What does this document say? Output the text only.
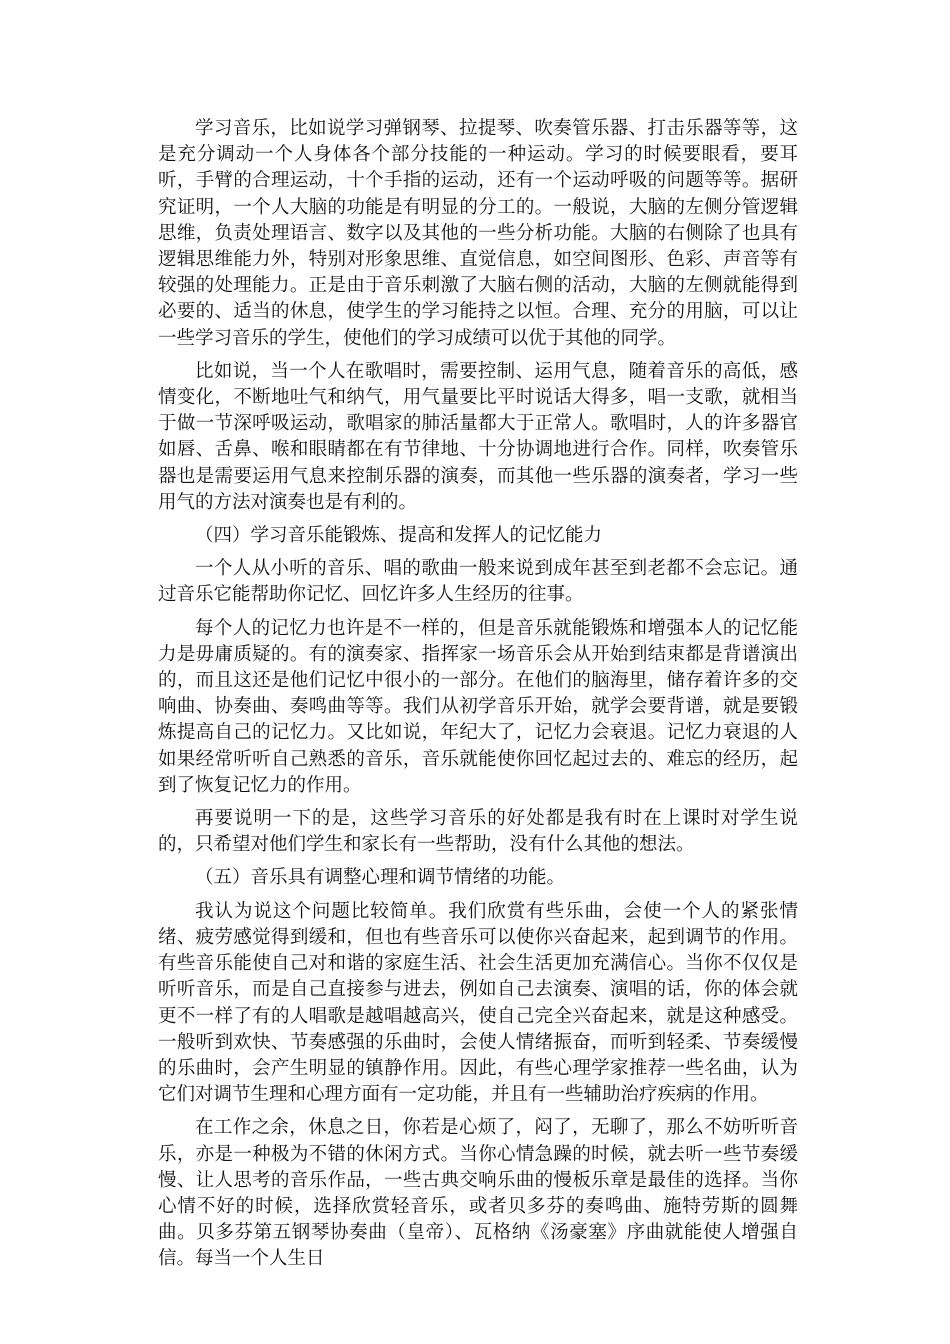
学习音乐，比如说学习弹钢琴、拉提琴、吹奏管乐器、打击乐器等等，这是充分调动一个人身体各个部分技能的一种运动。学习的时候要眼看，要耳听，手臂的合理运动，十个手指的运动，还有一个运动呼吸的问题等等。据研究证明，一个人大脑的功能是有明显的分工的。一般说，大脑的左侧分管逻辑思维，负责处理语言、数字以及其他的一些分析功能。大脑的右侧除了也具有逻辑思维能力外，特别对形象思维、直觉信息，如空间图形、色彩、声音等有较强的处理能力。正是由于音乐刺激了大脑右侧的活动，大脑的左侧就能得到必要的、适当的休息，使学生的学习能持之以恒。合理、充分的用脑，可以让一些学习音乐的学生，使他们的学习成绩可以优于其他的同学。

比如说，当一个人在歌唱时，需要控制、运用气息，随着音乐的高低，感情变化，不断地吐气和纳气，用气量要比平时说话大得多，唱一支歌，就相当于做一节深呼吸运动，歌唱家的肺活量都大于正常人。歌唱时，人的许多器官如唇、舌鼻、喉和眼睛都在有节律地、十分协调地进行合作。同样，吹奏管乐器也是需要运用气息来控制乐器的演奏，而其他一些乐器的演奏者，学习一些用气的方法对演奏也是有利的。

（四）学习音乐能锻炼、提高和发挥人的记忆能力

一个人从小听的音乐、唱的歌曲一般来说到成年甚至到老都不会忘记。通过音乐它能帮助你记忆、回忆许多人生经历的往事。

每个人的记忆力也许是不一样的，但是音乐就能锻炼和增强本人的记忆能力是毋庸质疑的。有的演奏家、指挥家一场音乐会从开始到结束都是背谱演出的，而且这还是他们记忆中很小的一部分。在他们的脑海里，储存着许多的交响曲、协奏曲、奏鸣曲等等。我们从初学音乐开始，就学会要背谱，就是要锻炼提高自己的记忆力。又比如说，年纪大了，记忆力会衰退。记忆力衰退的人如果经常听听自己熟悉的音乐，音乐就能使你回忆起过去的、难忘的经历，起到了恢复记忆力的作用。

再要说明一下的是，这些学习音乐的好处都是我有时在上课时对学生说的，只希望对他们学生和家长有一些帮助，没有什么其他的想法。

（五）音乐具有调整心理和调节情绪的功能。

我认为说这个问题比较简单。我们欣赏有些乐曲，会使一个人的紧张情绪、疲劳感觉得到缓和，但也有些音乐可以使你兴奋起来，起到调节的作用。有些音乐能使自己对和谐的家庭生活、社会生活更加充满信心。当你不仅仅是听听音乐，而是自己直接参与进去，例如自己去演奏、演唱的话，你的体会就更不一样了有的人唱歌是越唱越高兴，使自己完全兴奋起来，就是这种感受。一般听到欢快、节奏感强的乐曲时，会使人情绪振奋，而听到轻柔、节奏缓慢的乐曲时，会产生明显的镇静作用。因此，有些心理学家推荐一些名曲，认为它们对调节生理和心理方面有一定功能，并且有一些辅助治疗疾病的作用。

在工作之余，休息之日，你若是心烦了，闷了，无聊了，那么不妨听听音乐，亦是一种极为不错的休闲方式。当你心情急躁的时候，就去听一些节奏缓慢、让人思考的音乐作品，一些古典交响乐曲的慢板乐章是最佳的选择。当你心情不好的时候，选择欣赏轻音乐，或者贝多芬的奏鸣曲、施特劳斯的圆舞曲。贝多芬第五钢琴协奏曲（皇帝）、瓦格纳《汤豪塞》序曲就能使人增强自信。每当一个人生日
